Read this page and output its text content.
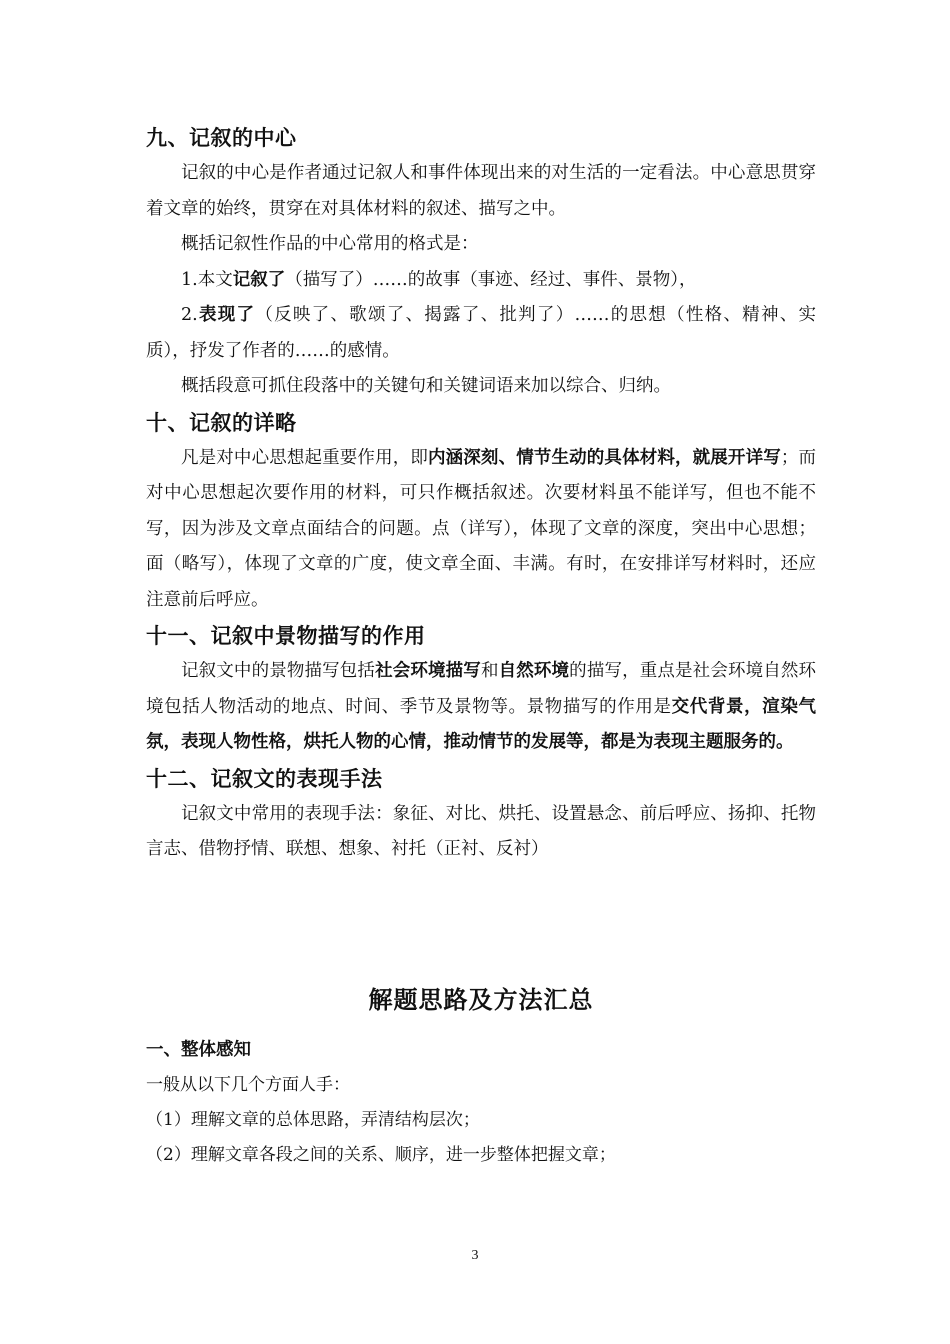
九、记叙的中心

记叙的中心是作者通过记叙人和事件体现出来的对生活的一定看法。中心意思贯穿着文章的始终，贯穿在对具体材料的叙述、描写之中。

概括记叙性作品的中心常用的格式是：

1.本文记叙了（描写了）……的故事（事迹、经过、事件、景物），

2.表现了（反映了、歌颂了、揭露了、批判了）……的思想（性格、精神、实质），抒发了作者的……的感情。

概括段意可抓住段落中的关键句和关键词语来加以综合、归纳。

十、记叙的详略

凡是对中心思想起重要作用，即内涵深刻、情节生动的具体材料，就展开详写；而对中心思想起次要作用的材料，可只作概括叙述。次要材料虽不能详写，但也不能不写，因为涉及文章点面结合的问题。点（详写），体现了文章的深度，突出中心思想；面（略写），体现了文章的广度，使文章全面、丰满。有时，在安排详写材料时，还应注意前后呼应。

十一、记叙中景物描写的作用

记叙文中的景物描写包括社会环境描写和自然环境的描写，重点是社会环境自然环境包括人物活动的地点、时间、季节及景物等。景物描写的作用是交代背景，渲染气氛，表现人物性格，烘托人物的心情，推动情节的发展等，都是为表现主题服务的。

十二、记叙文的表现手法

记叙文中常用的表现手法：象征、对比、烘托、设置悬念、前后呼应、扬抑、托物言志、借物抒情、联想、想象、衬托（正衬、反衬）

解题思路及方法汇总
一、整体感知

一般从以下几个方面人手：

（1）理解文章的总体思路，弄清结构层次；

（2）理解文章各段之间的关系、顺序，进一步整体把握文章；

3
